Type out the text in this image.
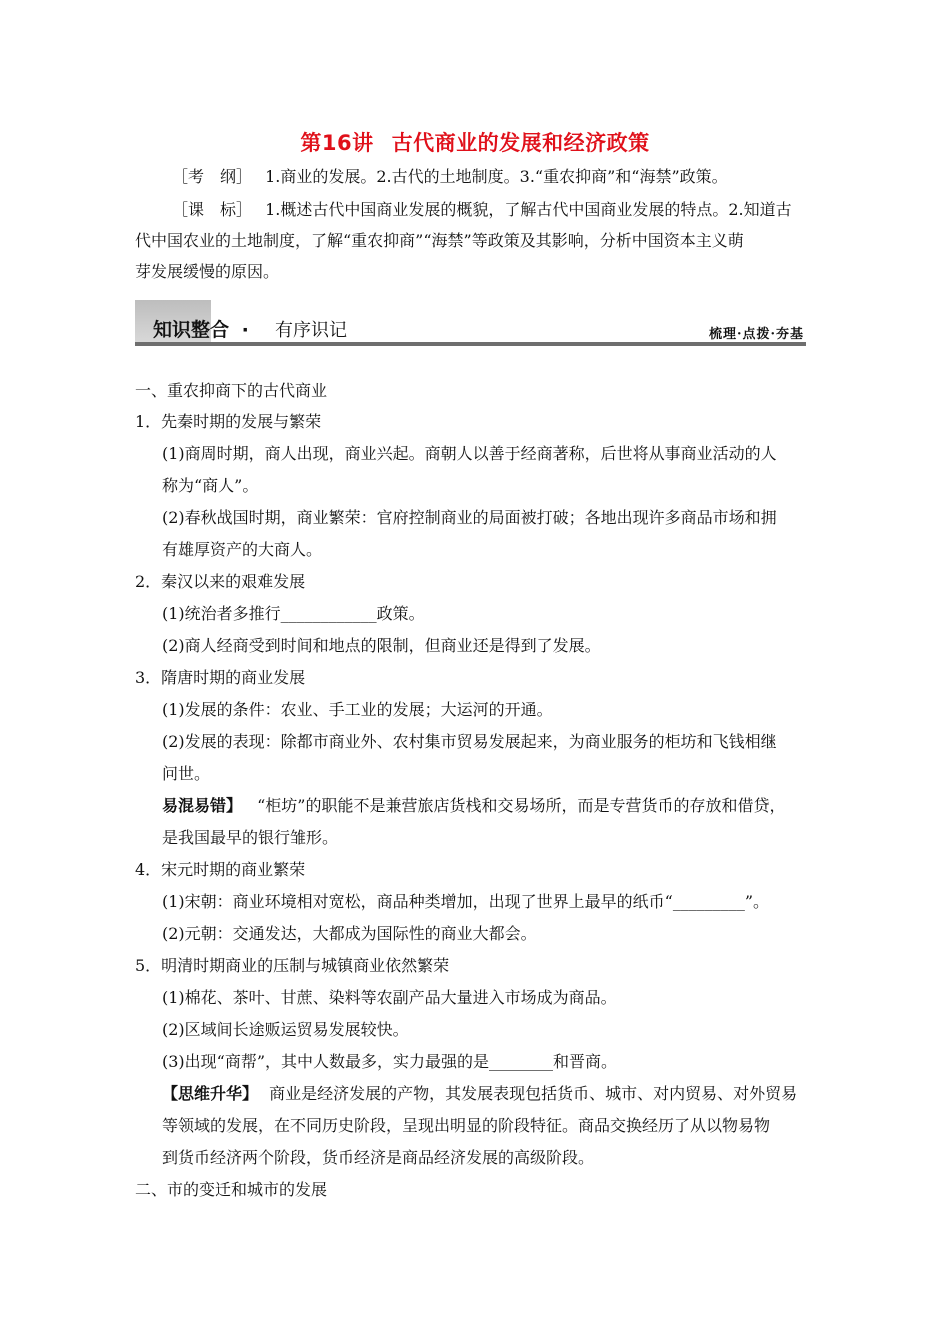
第16讲 古代商业的发展和经济政策
［考　纲］ 1.商业的发展。2.古代的土地制度。3.“重农抑商”和“海禁”政策。
［课　标］ 1.概述古代中国商业发展的概貌，了解古代中国商业发展的特点。2.知道古
代中国农业的土地制度，了解“重农抑商”“海禁”等政策及其影响，分析中国资本主义萌
芽发展缓慢的原因。
知识整合 · 有序识记	梳理·点拨·夯基
一、重农抑商下的古代商业
1．先秦时期的发展与繁荣
(1)商周时期，商人出现，商业兴起。商朝人以善于经商著称，后世将从事商业活动的人
称为“商人”。
(2)春秋战国时期，商业繁荣：官府控制商业的局面被打破；各地出现许多商品市场和拥
有雄厚资产的大商人。
2．秦汉以来的艰难发展
(1)统治者多推行____________政策。
(2)商人经商受到时间和地点的限制，但商业还是得到了发展。
3．隋唐时期的商业发展
(1)发展的条件：农业、手工业的发展；大运河的开通。
(2)发展的表现：除都市商业外、农村集市贸易发展起来，为商业服务的柜坊和飞钱相继
问世。
易混易错】 “柜坊”的职能不是兼营旅店货栈和交易场所，而是专营货币的存放和借贷，
是我国最早的银行雏形。
4．宋元时期的商业繁荣
(1)宋朝：商业环境相对宽松，商品种类增加，出现了世界上最早的纸币“_________”。
(2)元朝：交通发达，大都成为国际性的商业大都会。
5．明清时期商业的压制与城镇商业依然繁荣
(1)棉花、茶叶、甘蔗、染料等农副产品大量进入市场成为商品。
(2)区域间长途贩运贸易发展较快。
(3)出现“商帮”，其中人数最多，实力最强的是________和晋商。
【思维升华】 商业是经济发展的产物，其发展表现包括货币、城市、对内贸易、对外贸易
等领域的发展，在不同历史阶段，呈现出明显的阶段特征。商品交换经历了从以物易物
到货币经济两个阶段，货币经济是商品经济发展的高级阶段。
二、市的变迁和城市的发展
